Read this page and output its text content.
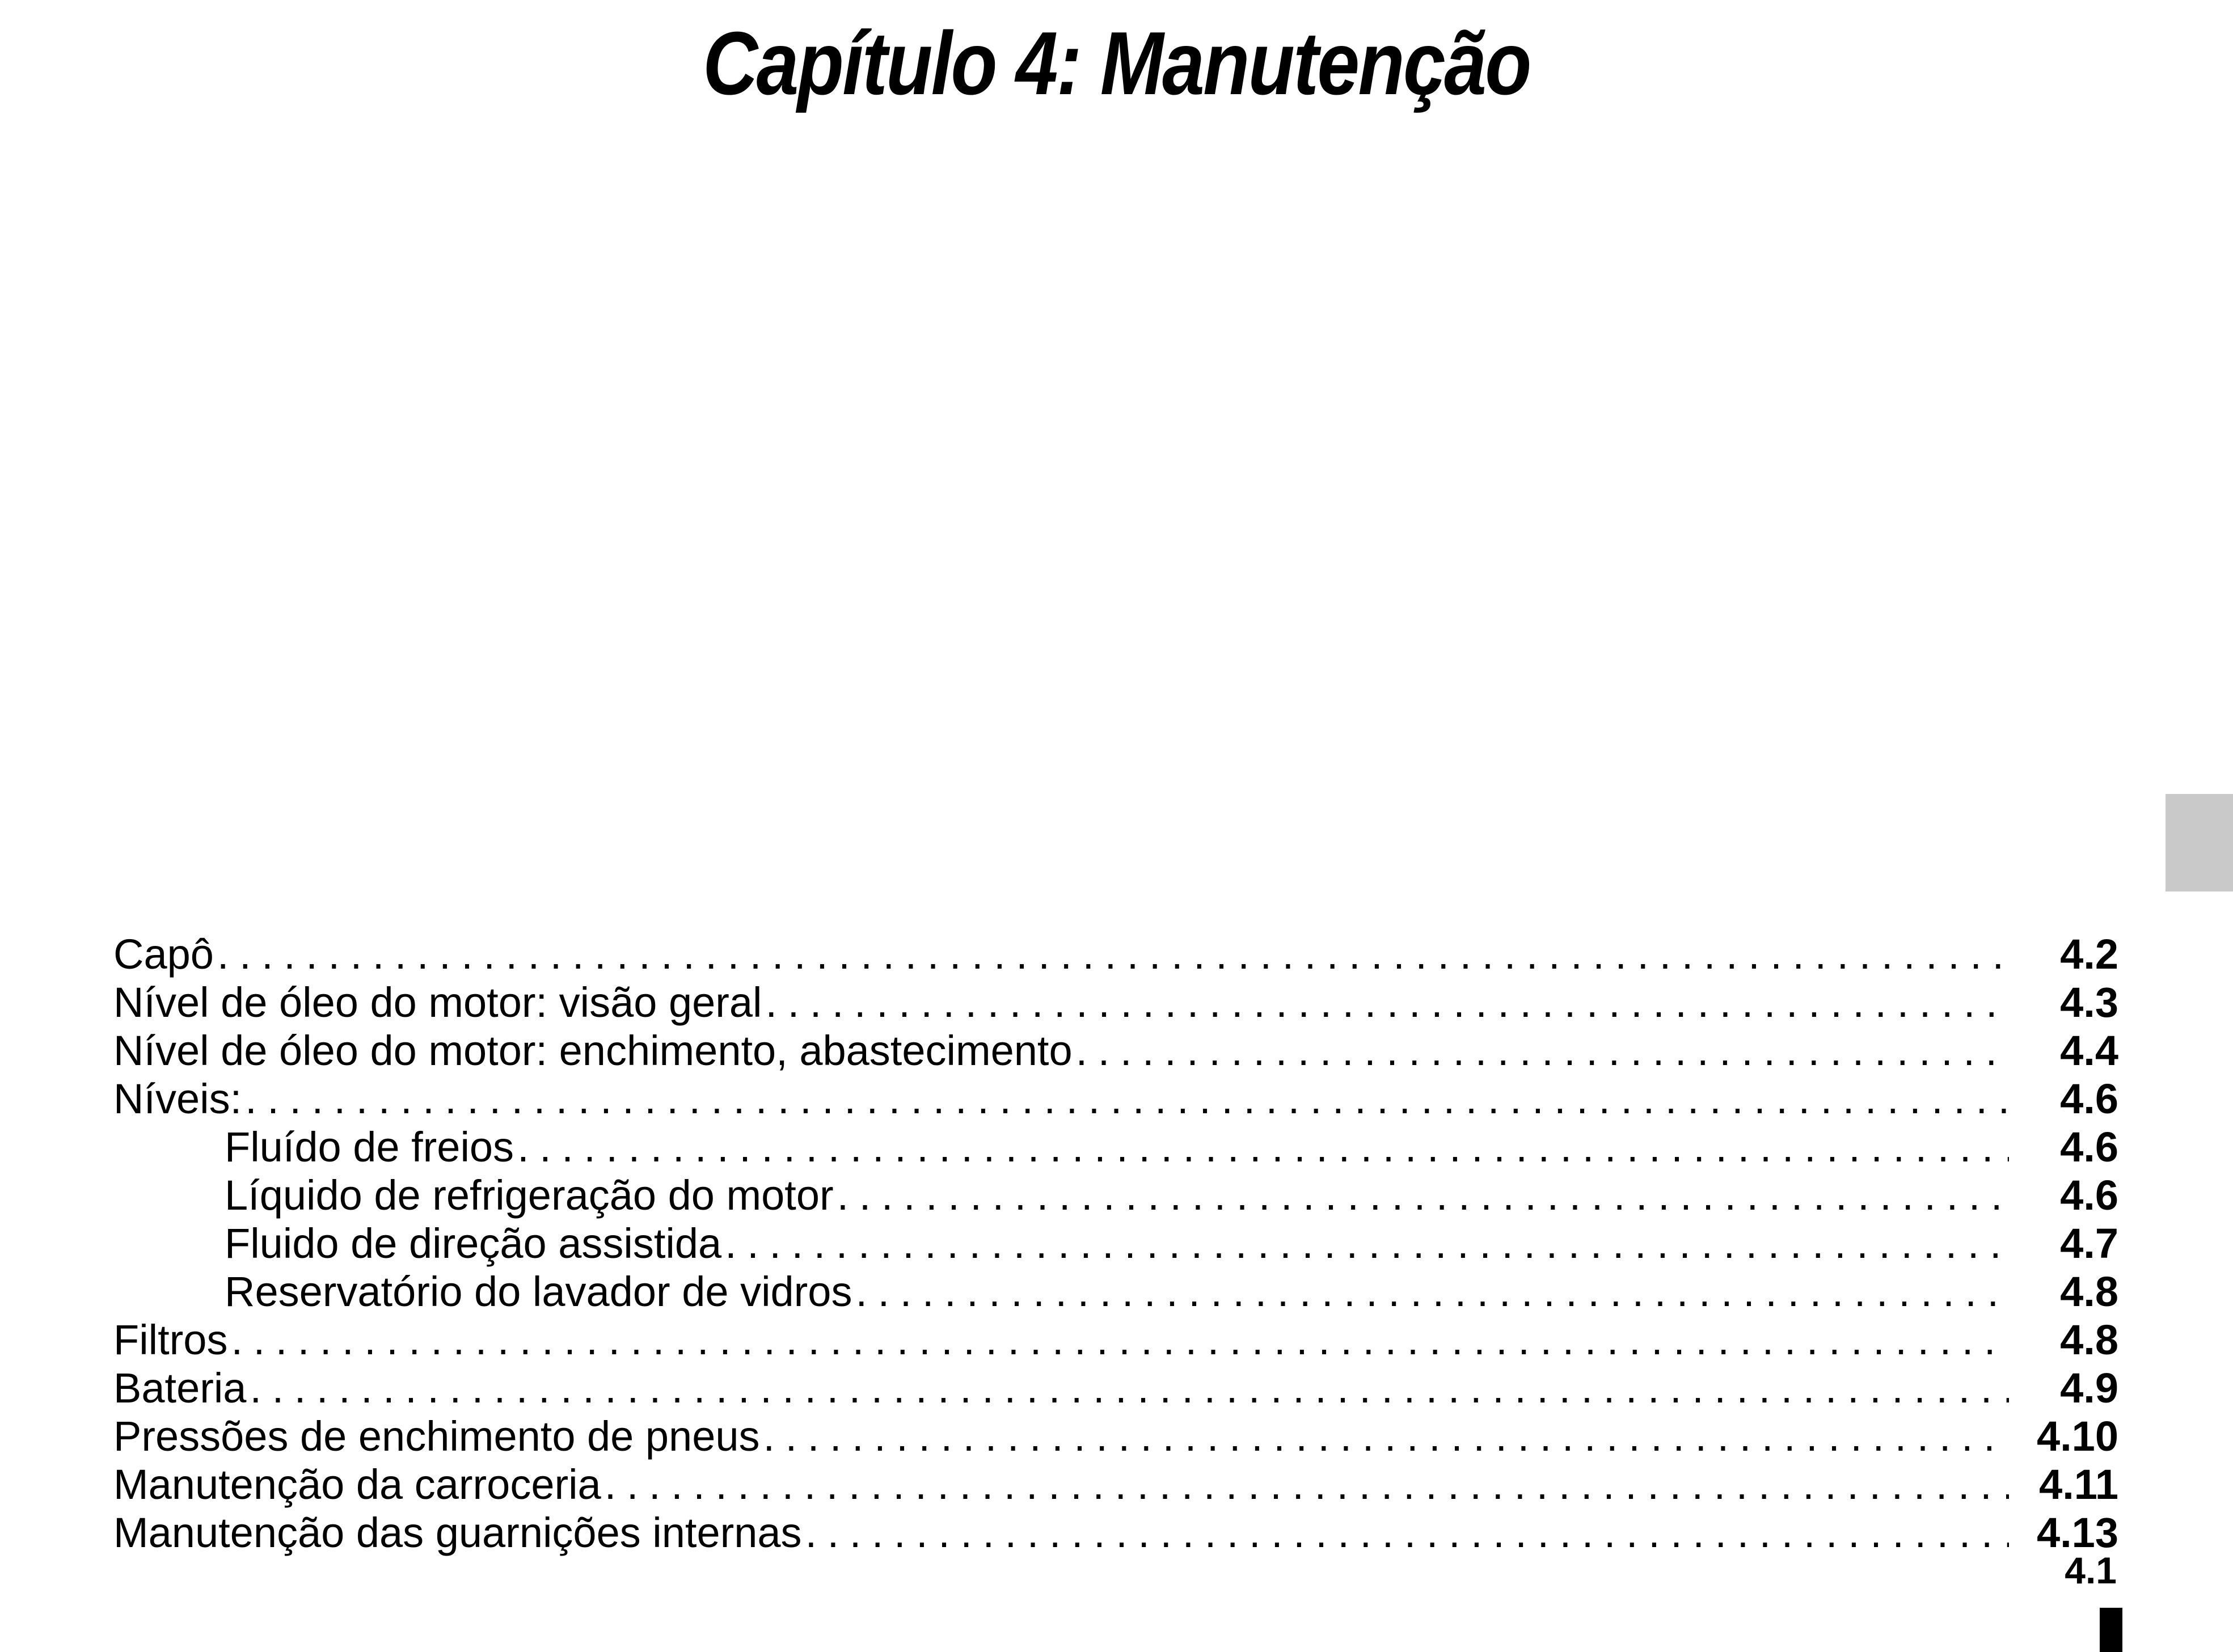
Capítulo 4: Manutenção
Capô . . .	4.2
Nível de óleo do motor: visão geral . . .	4.3
Nível de óleo do motor: enchimento, abastecimento . . .	4.4
Níveis: . . .	4.6
Fluído de freios . . .	4.6
Líquido de refrigeração do motor . . .	4.6
Fluido de direção assistida . . .	4.7
Reservatório do lavador de vidros . . .	4.8
Filtros . . .	4.8
Bateria . . .	4.9
Pressões de enchimento de pneus . . .	4.10
Manutenção da carroceria . . .	4.11
Manutenção das guarnições internas . . .	4.13
4.1
